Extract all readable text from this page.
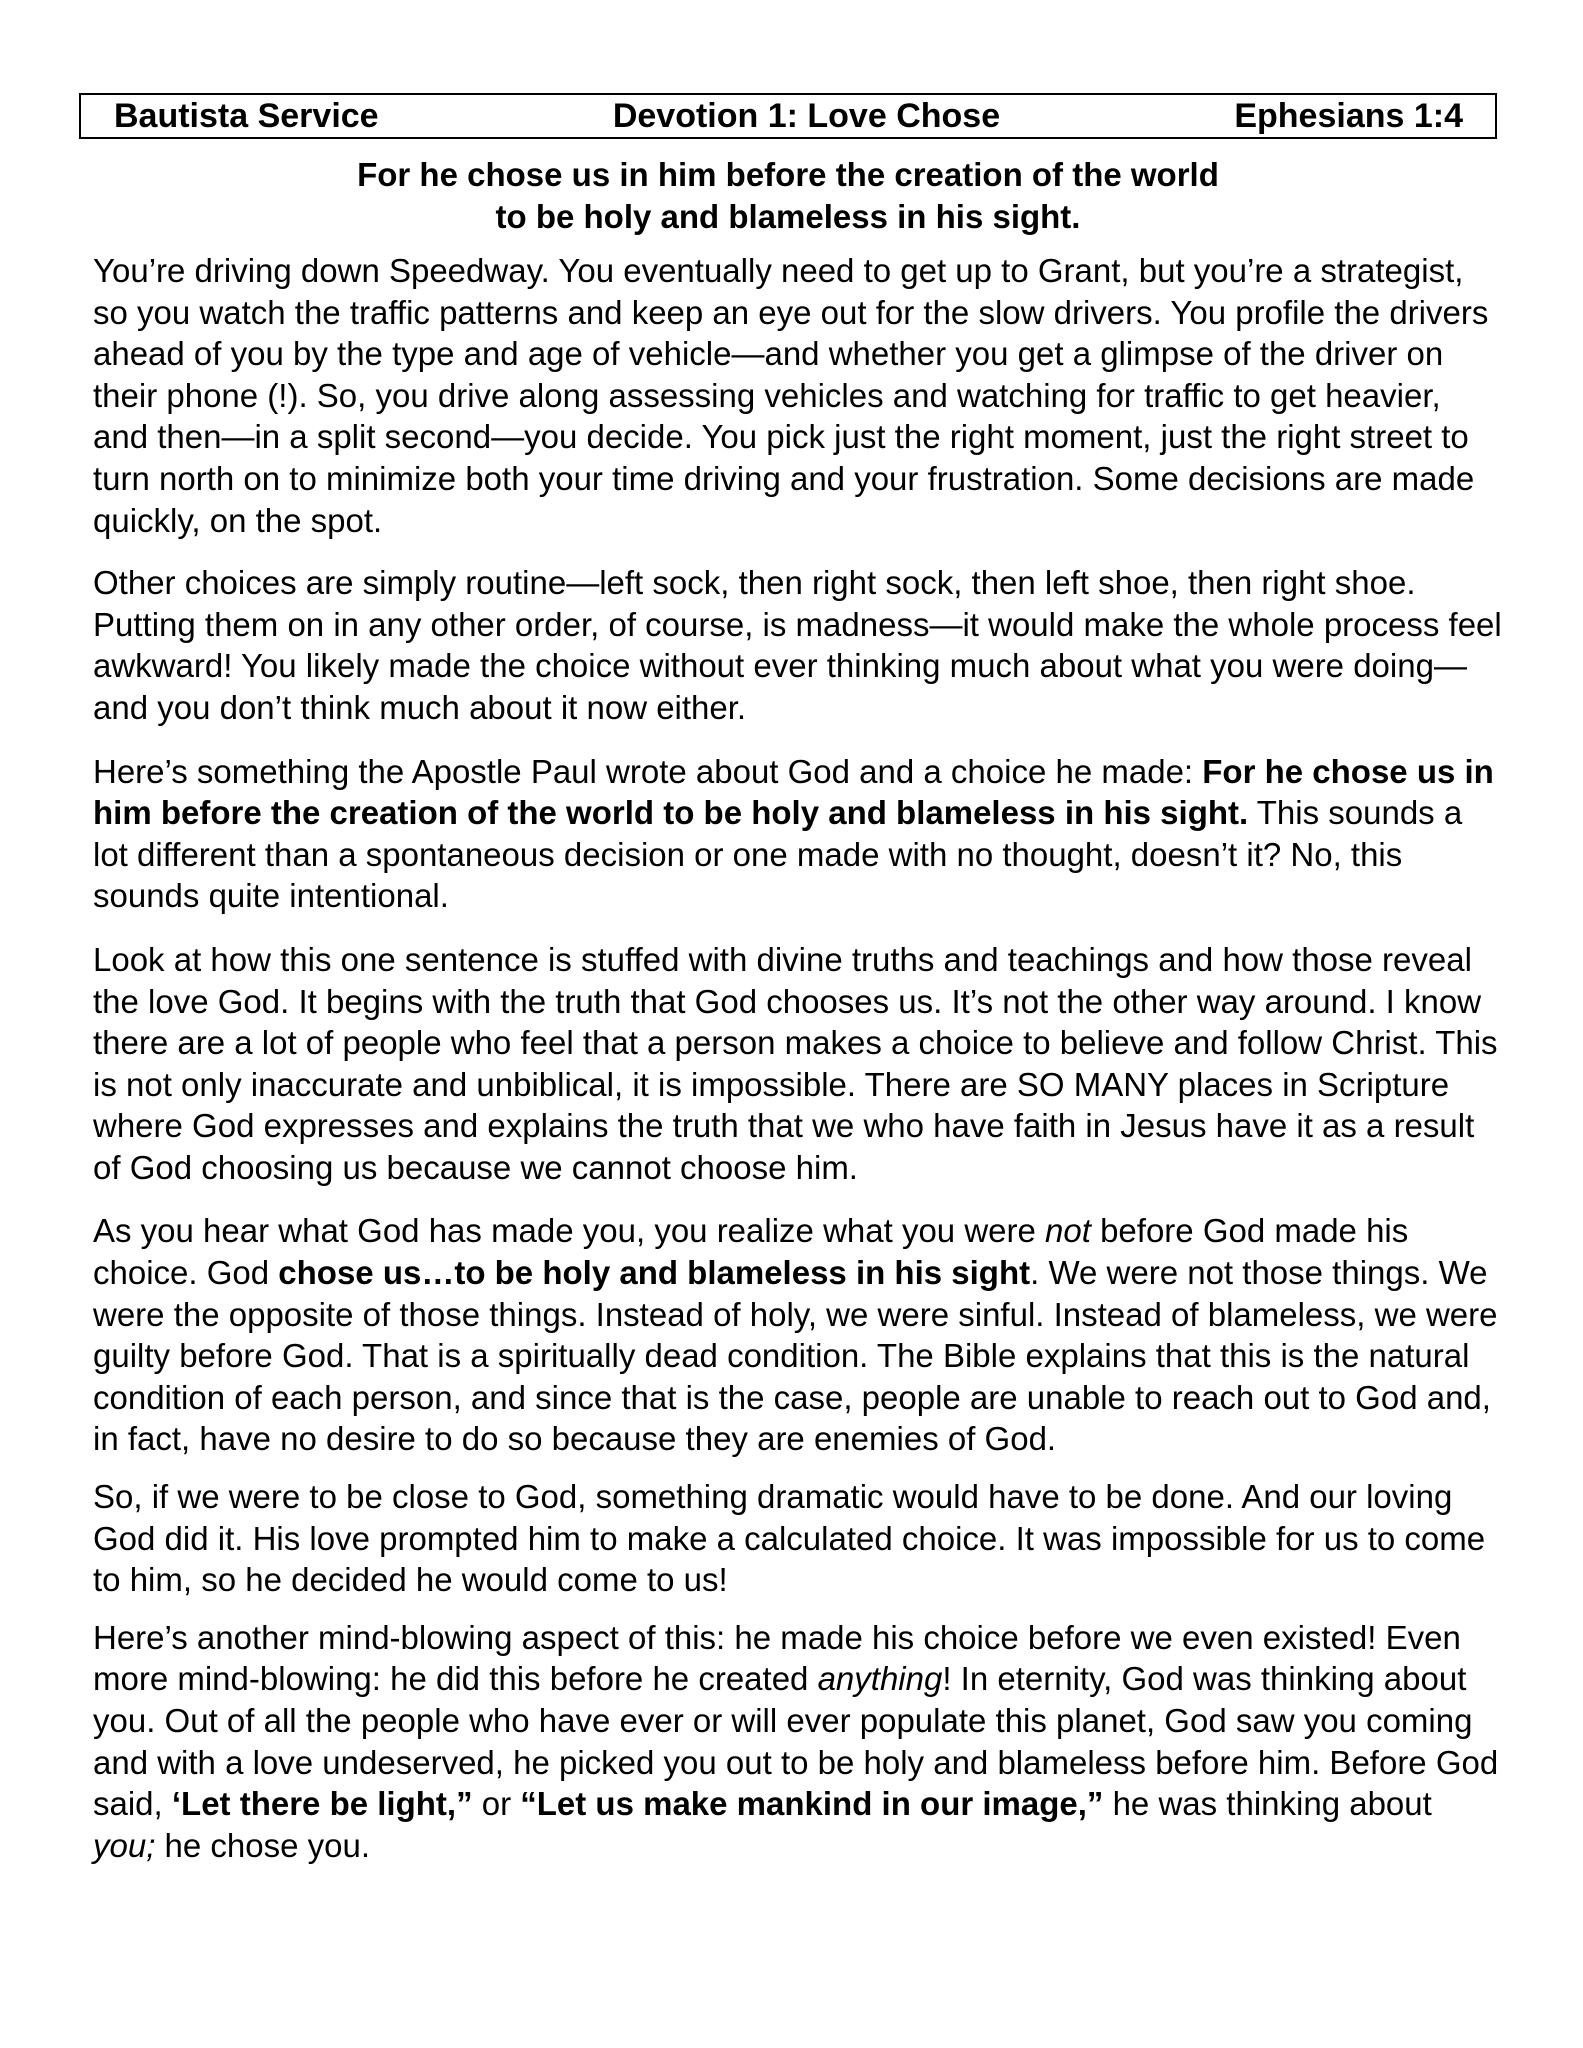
Bautista Service	Devotion 1: Love Chose	Ephesians 1:4
For he chose us in him before the creation of the world
to be holy and blameless in his sight.

You’re driving down Speedway. You eventually need to get up to Grant, but you’re a strategist, so you watch the traffic patterns and keep an eye out for the slow drivers. You profile the drivers ahead of you by the type and age of vehicle—and whether you get a glimpse of the driver on their phone (!). So, you drive along assessing vehicles and watching for traffic to get heavier, and then—in a split second—you decide. You pick just the right moment, just the right street to turn north on to minimize both your time driving and your frustration. Some decisions are made quickly, on the spot.

Other choices are simply routine—left sock, then right sock, then left shoe, then right shoe. Putting them on in any other order, of course, is madness—it would make the whole process feel awkward! You likely made the choice without ever thinking much about what you were doing—and you don’t think much about it now either.

Here’s something the Apostle Paul wrote about God and a choice he made: For he chose us in him before the creation of the world to be holy and blameless in his sight. This sounds a lot different than a spontaneous decision or one made with no thought, doesn’t it? No, this sounds quite intentional.

Look at how this one sentence is stuffed with divine truths and teachings and how those reveal the love God. It begins with the truth that God chooses us. It’s not the other way around. I know there are a lot of people who feel that a person makes a choice to believe and follow Christ. This is not only inaccurate and unbiblical, it is impossible. There are SO MANY places in Scripture where God expresses and explains the truth that we who have faith in Jesus have it as a result of God choosing us because we cannot choose him.

As you hear what God has made you, you realize what you were not before God made his choice. God chose us…to be holy and blameless in his sight. We were not those things. We were the opposite of those things. Instead of holy, we were sinful. Instead of blameless, we were guilty before God. That is a spiritually dead condition. The Bible explains that this is the natural condition of each person, and since that is the case, people are unable to reach out to God and, in fact, have no desire to do so because they are enemies of God.

So, if we were to be close to God, something dramatic would have to be done. And our loving God did it. His love prompted him to make a calculated choice. It was impossible for us to come to him, so he decided he would come to us!

Here’s another mind-blowing aspect of this: he made his choice before we even existed! Even more mind-blowing: he did this before he created anything! In eternity, God was thinking about you. Out of all the people who have ever or will ever populate this planet, God saw you coming and with a love undeserved, he picked you out to be holy and blameless before him. Before God said, ‘Let there be light,” or “Let us make mankind in our image,” he was thinking about you; he chose you.
